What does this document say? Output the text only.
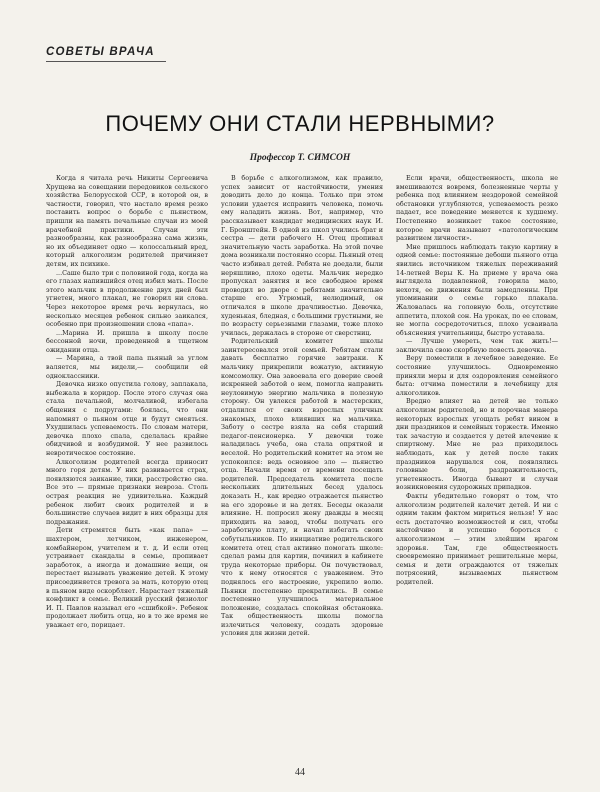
СОВЕТЫ ВРАЧА
ПОЧЕМУ ОНИ СТАЛИ НЕРВНЫМИ?
Профессор Т. СИМСОН

Когда я читала речь Никиты Сергеевича Хрущева на совещании передовиков сельского хозяйства Белорусской ССР, в которой он, в частности, говорил, что настало время резко поставить вопрос о борьбе с пьянством, пришли на память печальные случаи из моей врачебной практики. Случаи эти разнообразны, как разнообразна сама жизнь, но их объединяет одно — колоссальный вред, который алкоголизм родителей причиняет детям, их психике.

...Саше было три с половиной года, когда на его глазах напившийся отец избил мать. После этого мальчик в продолжение двух дней был угнетен, много плакал, не говорил ни слова. Через некоторое время речь вернулась, но несколько месяцев ребенок сильно заикался, особенно при произношении слова «папа».

...Марина И. пришла в школу после бессонной ночи, проведенной в тщетном ожидании отца.

— Марина, а твой папа пьяный за углом валяется, мы видели,— сообщили ей одноклассники.

Девочка низко опустила голову, заплакала, выбежала в коридор. После этого случая она стала печальной, молчаливой, избегала общения с подругами: боялась, что они напомнят о пьяном отце и будут смеяться. Ухудшилась успеваемость. По словам матери, девочка плохо спала, сделалась крайне обидчивой и возбудимой. У нее развилось невротическое состояние.

Алкоголизм родителей всегда приносит много горя детям. У них развивается страх, появляются заикание, тики, расстройство сна. Все это — прямые признаки невроза. Столь острая реакция не удивительна. Каждый ребенок любит своих родителей и в большинстве случаев видит в них образцы для подражания.

Дети стремятся быть «как папа» — шахтером, летчиком, инженером, комбайнером, учителем и т. д. И если отец устраивает скандалы в семье, пропивает заработок, а иногда и домашние вещи, он перестает вызывать уважение детей. К этому присоединяется тревога за мать, которую отец в пьяном виде оскорбляет. Нарастает тяжелый конфликт в семье. Великий русский физиолог И. П. Павлов называл его «сшибкой». Ребенок продолжает любить отца, но в то же время не уважает его, порицает.

В борьбе с алкоголизмом, как правило, успех зависит от настойчивости, умения доводить дело до конца. Только при этом условии удается исправить человека, помочь ему наладить жизнь. Вот, например, что рассказывает кандидат медицинских наук И. Г. Бронштейн. В одной из школ учились брат и сестра — дети рабочего Н. Отец пропивал значительную часть заработка. На этой почве дома возникали постоянно ссоры. Пьяный отец часто избивал детей. Ребята не доедали, были неряшливо, плохо одеты. Мальчик нередко пропускал занятия и все свободное время проводил во дворе с ребятами значительно старше его. Угрюмый, нелюдимый, он отличался в школе драчливостью. Девочка, худенькая, бледная, с большими грустными, не по возрасту серьезными глазами, тоже плохо училась, держалась в стороне от сверстниц.

Родительский комитет школы заинтересовался этой семьей. Ребятам стали давать бесплатно горячие завтраки. К мальчику прикрепили вожатую, активную комсомолку. Она завоевала его доверие своей искренней заботой о нем, помогла направить неуловимую энергию мальчика в полезную сторону. Он увлекся работой в мастерских, отдалился от своих взрослых уличных знакомых, плохо влиявших на мальчика. Заботу о сестре взяла на себя старший педагог-пенсионерка. У девочки тоже наладилась учеба, она стала опрятной и веселой. Но родительский комитет на этом не успокоился: ведь основное зло — пьянство отца. Начали время от времени посещать родителей. Председатель комитета после нескольких длительных бесед удалось доказать Н., как вредно отражается пьянство на его здоровье и на детях. Беседы оказали влияние. Н. попросил жену дважды в месяц приходить на завод, чтобы получать его заработную плату, и начал избегать своих собутыльников. По инициативе родительского комитета отец стал активно помогать школе: сделал рамы для картин, починил в кабинете труда некоторые приборы. Он почувствовал, что к нему относятся с уважением. Это поднялось его настроение, укрепило волю. Пьянки постепенно прекратились. В семье постепенно улучшилось материальное положение, создалась спокойная обстановка. Так общественность школы помогла излечиться человеку, создать здоровые условия для жизни детей.

Если врачи, общественность, школа не вмешиваются вовремя, болезненные черты у ребенка под влиянием нездоровой семейной обстановки углубляются, успеваемость резко падает, все поведение меняется к худшему. Постепенно возникает такое состояние, которое врачи называют «патологическим развитием личности».

Мне пришлось наблюдать такую картину в одной семье: постоянные дебоши пьяного отца явились источником тяжелых переживаний 14-летней Веры К. На приеме у врача она выглядела подавленной, говорила мало, нехотя, ее движения были замедленны. При упоминании о семье горько плакала. Жаловалась на головную боль, отсутствие аппетита, плохой сон. На уроках, по ее словам, не могла сосредоточиться, плохо усваивала объяснения учительницы, быстро уставала.

— Лучше умереть, чем так жить!— заключила свою скорбную повесть девочка.

Веру поместили в лечебное заведение. Ее состояние улучшилось. Одновременно приняли меры и для оздоровления семейного быта: отчима поместили в лечебницу для алкоголиков.

Вредно влияет на детей не только алкоголизм родителей, но и порочная манера некоторых взрослых угощать ребят вином в дни праздников и семейных торжеств. Именно так зачастую и создается у детей влечение к спиртному. Мне не раз приходилось наблюдать, как у детей после таких праздников нарушался сон, появлялись головные боли, раздражительность, угнетенность. Иногда бывают и случаи возникновения судорожных припадков.

Факты убедительно говорят о том, что алкоголизм родителей калечит детей. И ни с одним таким фактом мириться нельзя! У нас есть достаточно возможностей и сил, чтобы настойчиво и успешно бороться с алкоголизмом — этим злейшим врагом здоровья. Там, где общественность своевременно принимает решительные меры, семья и дети ограждаются от тяжелых потрясений, вызываемых пьянством родителей.

44
